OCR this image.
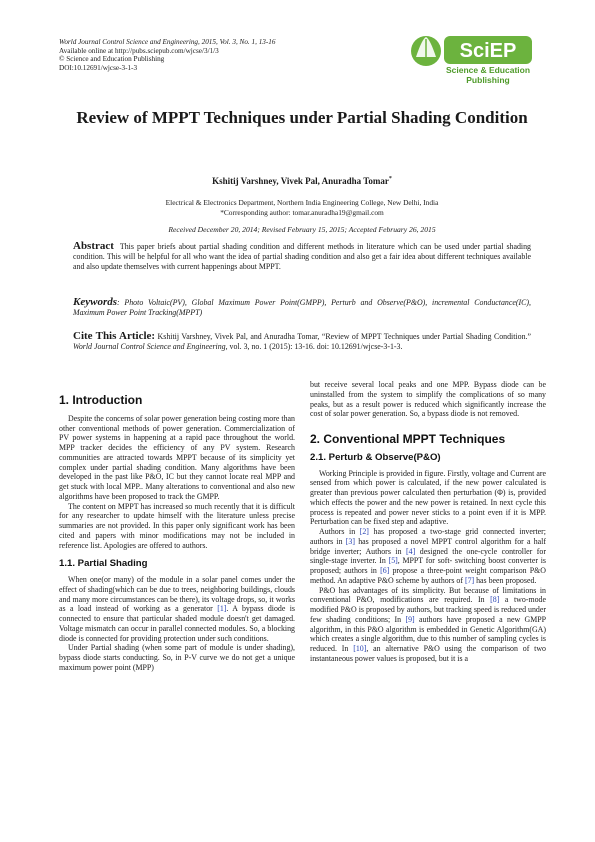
World Journal Control Science and Engineering, 2015, Vol. 3, No. 1, 13-16
Available online at http://pubs.sciepub.com/wjcse/3/1/3
© Science and Education Publishing
DOI:10.12691/wjcse-3-1-3
SciEP
Science & Education
Publishing
Review of MPPT Techniques under Partial Shading Condition
Kshitij Varshney, Vivek Pal, Anuradha Tomar*
Electrical & Electronics Department, Northern India Engineering College, New Delhi, India
*Corresponding author: tomar.anuradha19@gmail.com
Received December 20, 2014; Revised February 15, 2015; Accepted February 26, 2015
Abstract This paper briefs about partial shading condition and different methods in literature which can be used under partial shading condition. This will be helpful for all who want the idea of partial shading condition and also get a fair idea about different techniques available and also update themselves with current happenings about MPPT.
Keywords: Photo Voltaic(PV), Global Maximum Power Point(GMPP), Perturb and Observe(P&O), incremental Conductance(IC), Maximum Power Point Tracking(MPPT)
Cite This Article: Kshitij Varshney, Vivek Pal, and Anuradha Tomar, “Review of MPPT Techniques under Partial Shading Condition.” World Journal Control Science and Engineering, vol. 3, no. 1 (2015): 13-16. doi: 10.12691/wjcse-3-1-3.
1. Introduction

Despite the concerns of solar power generation being costing more than other conventional methods of power generation. Commercialization of PV power systems in happening at a rapid pace throughout the world. MPP tracker decides the efficiency of any PV system. Research communities are attracted towards MPPT because of its simplicity yet complex under partial shading condition. Many algorithms have been developed in the past like P&O, IC but they cannot locate real MPP and get stuck with local MPP.. Many alterations to conventional and also new algorithms have been proposed to track the GMPP.

The content on MPPT has increased so much recently that it is difficult for any researcher to update himself with the literature unless precise summaries are not provided. In this paper only significant work has been cited and papers with minor modifications may not be included in reference list. Apologies are offered to authors.

1.1. Partial Shading

When one(or many) of the module in a solar panel comes under the effect of shading(which can be due to trees, neighboring buildings, clouds and many more circumstances can be there), its voltage drops, so, it works as a load instead of working as a generator [1]. A bypass diode is connected to ensure that particular shaded module doesn't get damaged. Voltage mismatch can occur in parallel connected modules. So, a blocking diode is connected for providing protection under such conditions.

Under Partial shading (when some part of module is under shading), bypass diode starts conducting. So, in P-V curve we do not get a unique maximum power point (MPP)

but receive several local peaks and one MPP. Bypass diode can be uninstalled from the system to simplify the complications of so many peaks, but as a result power is reduced which significantly increase the cost of solar power generation. So, a bypass diode is not removed.

2. Conventional MPPT Techniques
2.1. Perturb & Observe(P&O)

Working Principle is provided in figure. Firstly, voltage and Current are sensed from which power is calculated, if the new power calculated is greater than previous power calculated then perturbation (Φ) is, provided which effects the power and the new power is retained. In next cycle this process is repeated and power never sticks to a point even if it is MPP. Perturbation can be fixed step and adaptive.

Authors in [2] has proposed a two-stage grid connected inverter; authors in [3] has proposed a novel MPPT control algorithm for a half bridge inverter; Authors in [4] designed the one-cycle controller for single-stage inverter. In [5], MPPT for soft- switching boost converter is proposed; authors in [6] propose a three-point weight comparison P&O method. An adaptive P&O scheme by authors of [7] has been proposed.

P&O has advantages of its simplicity. But because of limitations in conventional P&O, modifications are required. In [8] a two-mode modified P&O is proposed by authors, but tracking speed is reduced under few shading conditions; In [9] authors have proposed a new GMPP algorithm, in this P&O algorithm is embedded in Genetic Algorithm(GA) which creates a single algorithm, due to this number of sampling cycles is reduced. In [10], an alternative P&O using the comparison of two instantaneous power values is proposed, but it is a
